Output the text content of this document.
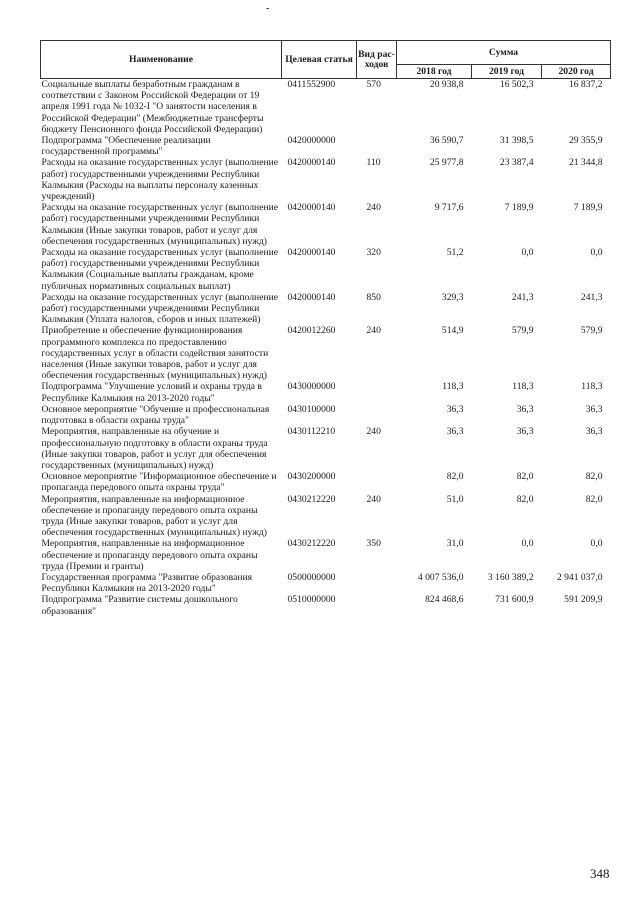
-
Наименование	Целевая статья	Вид рас-ходов	Сумма		
			2018 год	2019 год	2020 год
Социальные выплаты безработным гражданам в соответствии с Законом Российской Федерации от 19 апреля 1991 года № 1032-I "О занятости населения в Российской Федерации" (Межбюджетные трансферты бюджету Пенсионного фонда Российской Федерации)	0411552900	570	20 938,8	16 502,3	16 837,2
Подпрограмма "Обеспечение реализации государственной программы"	0420000000		36 590,7	31 398,5	29 355,9
Расходы на оказание государственных услуг (выполнение работ) государственными учреждениями Республики Калмыкия (Расходы на выплаты персоналу казенных учреждений)	0420000140	110	25 977,8	23 387,4	21 344,8
Расходы на оказание государственных услуг (выполнение работ) государственными учреждениями Республики Калмыкия (Иные закупки товаров, работ и услуг для обеспечения государственных (муниципальных) нужд)	0420000140	240	9 717,6	7 189,9	7 189,9
Расходы на оказание государственных услуг (выполнение работ) государственными учреждениями Республики Калмыкия (Социальные выплаты гражданам, кроме публичных нормативных социальных выплат)	0420000140	320	51,2	0,0	0,0
Расходы на оказание государственных услуг (выполнение работ) государственными учреждениями Республики Калмыкия (Уплата налогов, сборов и иных платежей)	0420000140	850	329,3	241,3	241,3
Приобретение и обеспечение функционирования программного комплекса по предоставлению государственных услуг в области содействия занятости населения (Иные закупки товаров, работ и услуг для обеспечения государственных (муниципальных) нужд)	0420012260	240	514,9	579,9	579,9
Подпрограмма "Улучшение условий и охраны труда в Республике Калмыкия на 2013-2020 годы"	0430000000		118,3	118,3	118,3
Основное мероприятие "Обучение и профессиональная подготовка в области охраны труда"	0430100000		36,3	36,3	36,3
Мероприятия, направленные на обучение и профессиональную подготовку в области охраны труда (Иные закупки товаров, работ и услуг для обеспечения государственных (муниципальных) нужд)	0430112210	240	36,3	36,3	36,3
Основное мероприятие "Информационное обеспечение и пропаганда передового опыта охраны труда"	0430200000		82,0	82,0	82,0
Мероприятия, направленные на информационное обеспечение и пропаганду передового опыта охраны труда (Иные закупки товаров, работ и услуг для обеспечения государственных (муниципальных) нужд)	0430212220	240	51,0	82,0	82,0
Мероприятия, направленные на информационное обеспечение и пропаганду передового опыта охраны труда (Премии и гранты)	0430212220	350	31,0	0,0	0,0
Государственная программа "Развитие образования Республики Калмыкия на 2013-2020 годы"	0500000000		4 007 536,0	3 160 389,2	2 941 037,0
Подпрограмма "Развитие системы дошкольного образования"	0510000000		824 468,6	731 600,9	591 209,9
348
